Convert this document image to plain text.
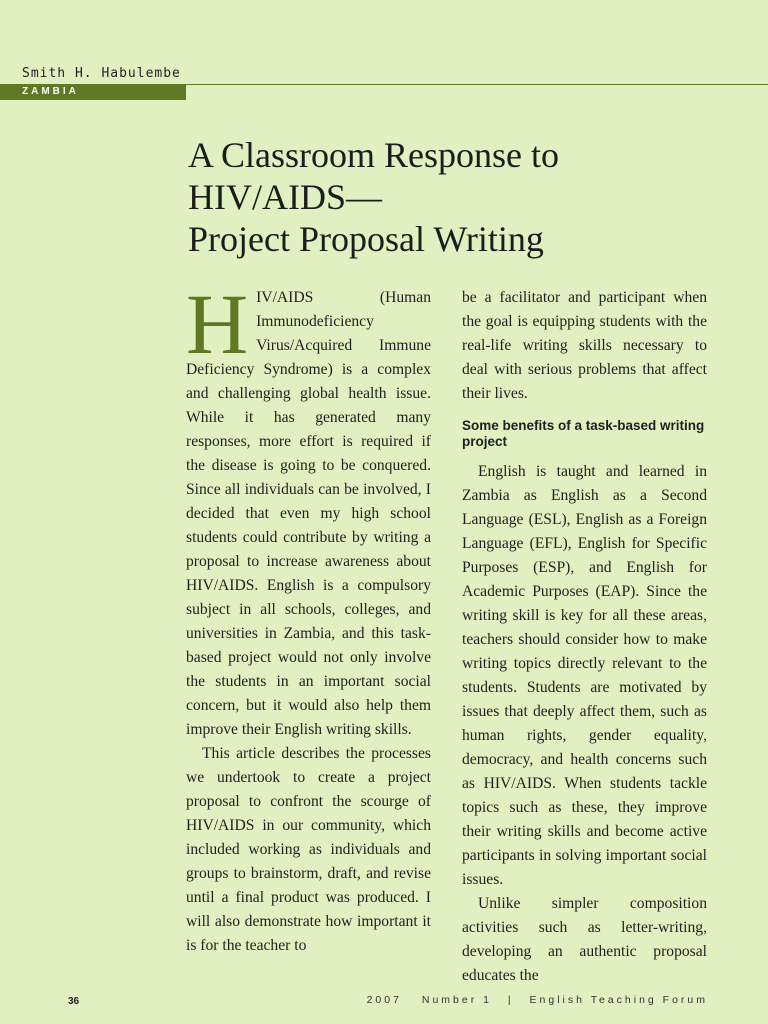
Smith H. Habulembe
ZAMBIA
A Classroom Response to
HIV/AIDS—
Project Proposal Writing

HIV/AIDS (Human Immunodeficiency Virus/Acquired Immune Deficiency Syndrome) is a complex and challenging global health issue. While it has generated many responses, more effort is required if the disease is going to be conquered. Since all individuals can be involved, I decided that even my high school students could contribute by writing a proposal to increase awareness about HIV/AIDS. English is a compulsory subject in all schools, colleges, and universities in Zambia, and this task-based project would not only involve the students in an important social concern, but it would also help them improve their English writing skills.

This article describes the processes we undertook to create a project proposal to confront the scourge of HIV/AIDS in our community, which included working as individuals and groups to brainstorm, draft, and revise until a final product was produced. I will also demonstrate how important it is for the teacher to

be a facilitator and participant when the goal is equipping students with the real-life writing skills necessary to deal with serious problems that affect their lives.

Some benefits of a task-based writing project

English is taught and learned in Zambia as English as a Second Language (ESL), English as a Foreign Language (EFL), English for Specific Purposes (ESP), and English for Academic Purposes (EAP). Since the writing skill is key for all these areas, teachers should consider how to make writing topics directly relevant to the students. Students are motivated by issues that deeply affect them, such as human rights, gender equality, democracy, and health concerns such as HIV/AIDS. When students tackle topics such as these, they improve their writing skills and become active participants in solving important social issues.

Unlike simpler composition activities such as letter-writing, developing an authentic proposal educates the

36	2007 Number 1 | English Teaching Forum
